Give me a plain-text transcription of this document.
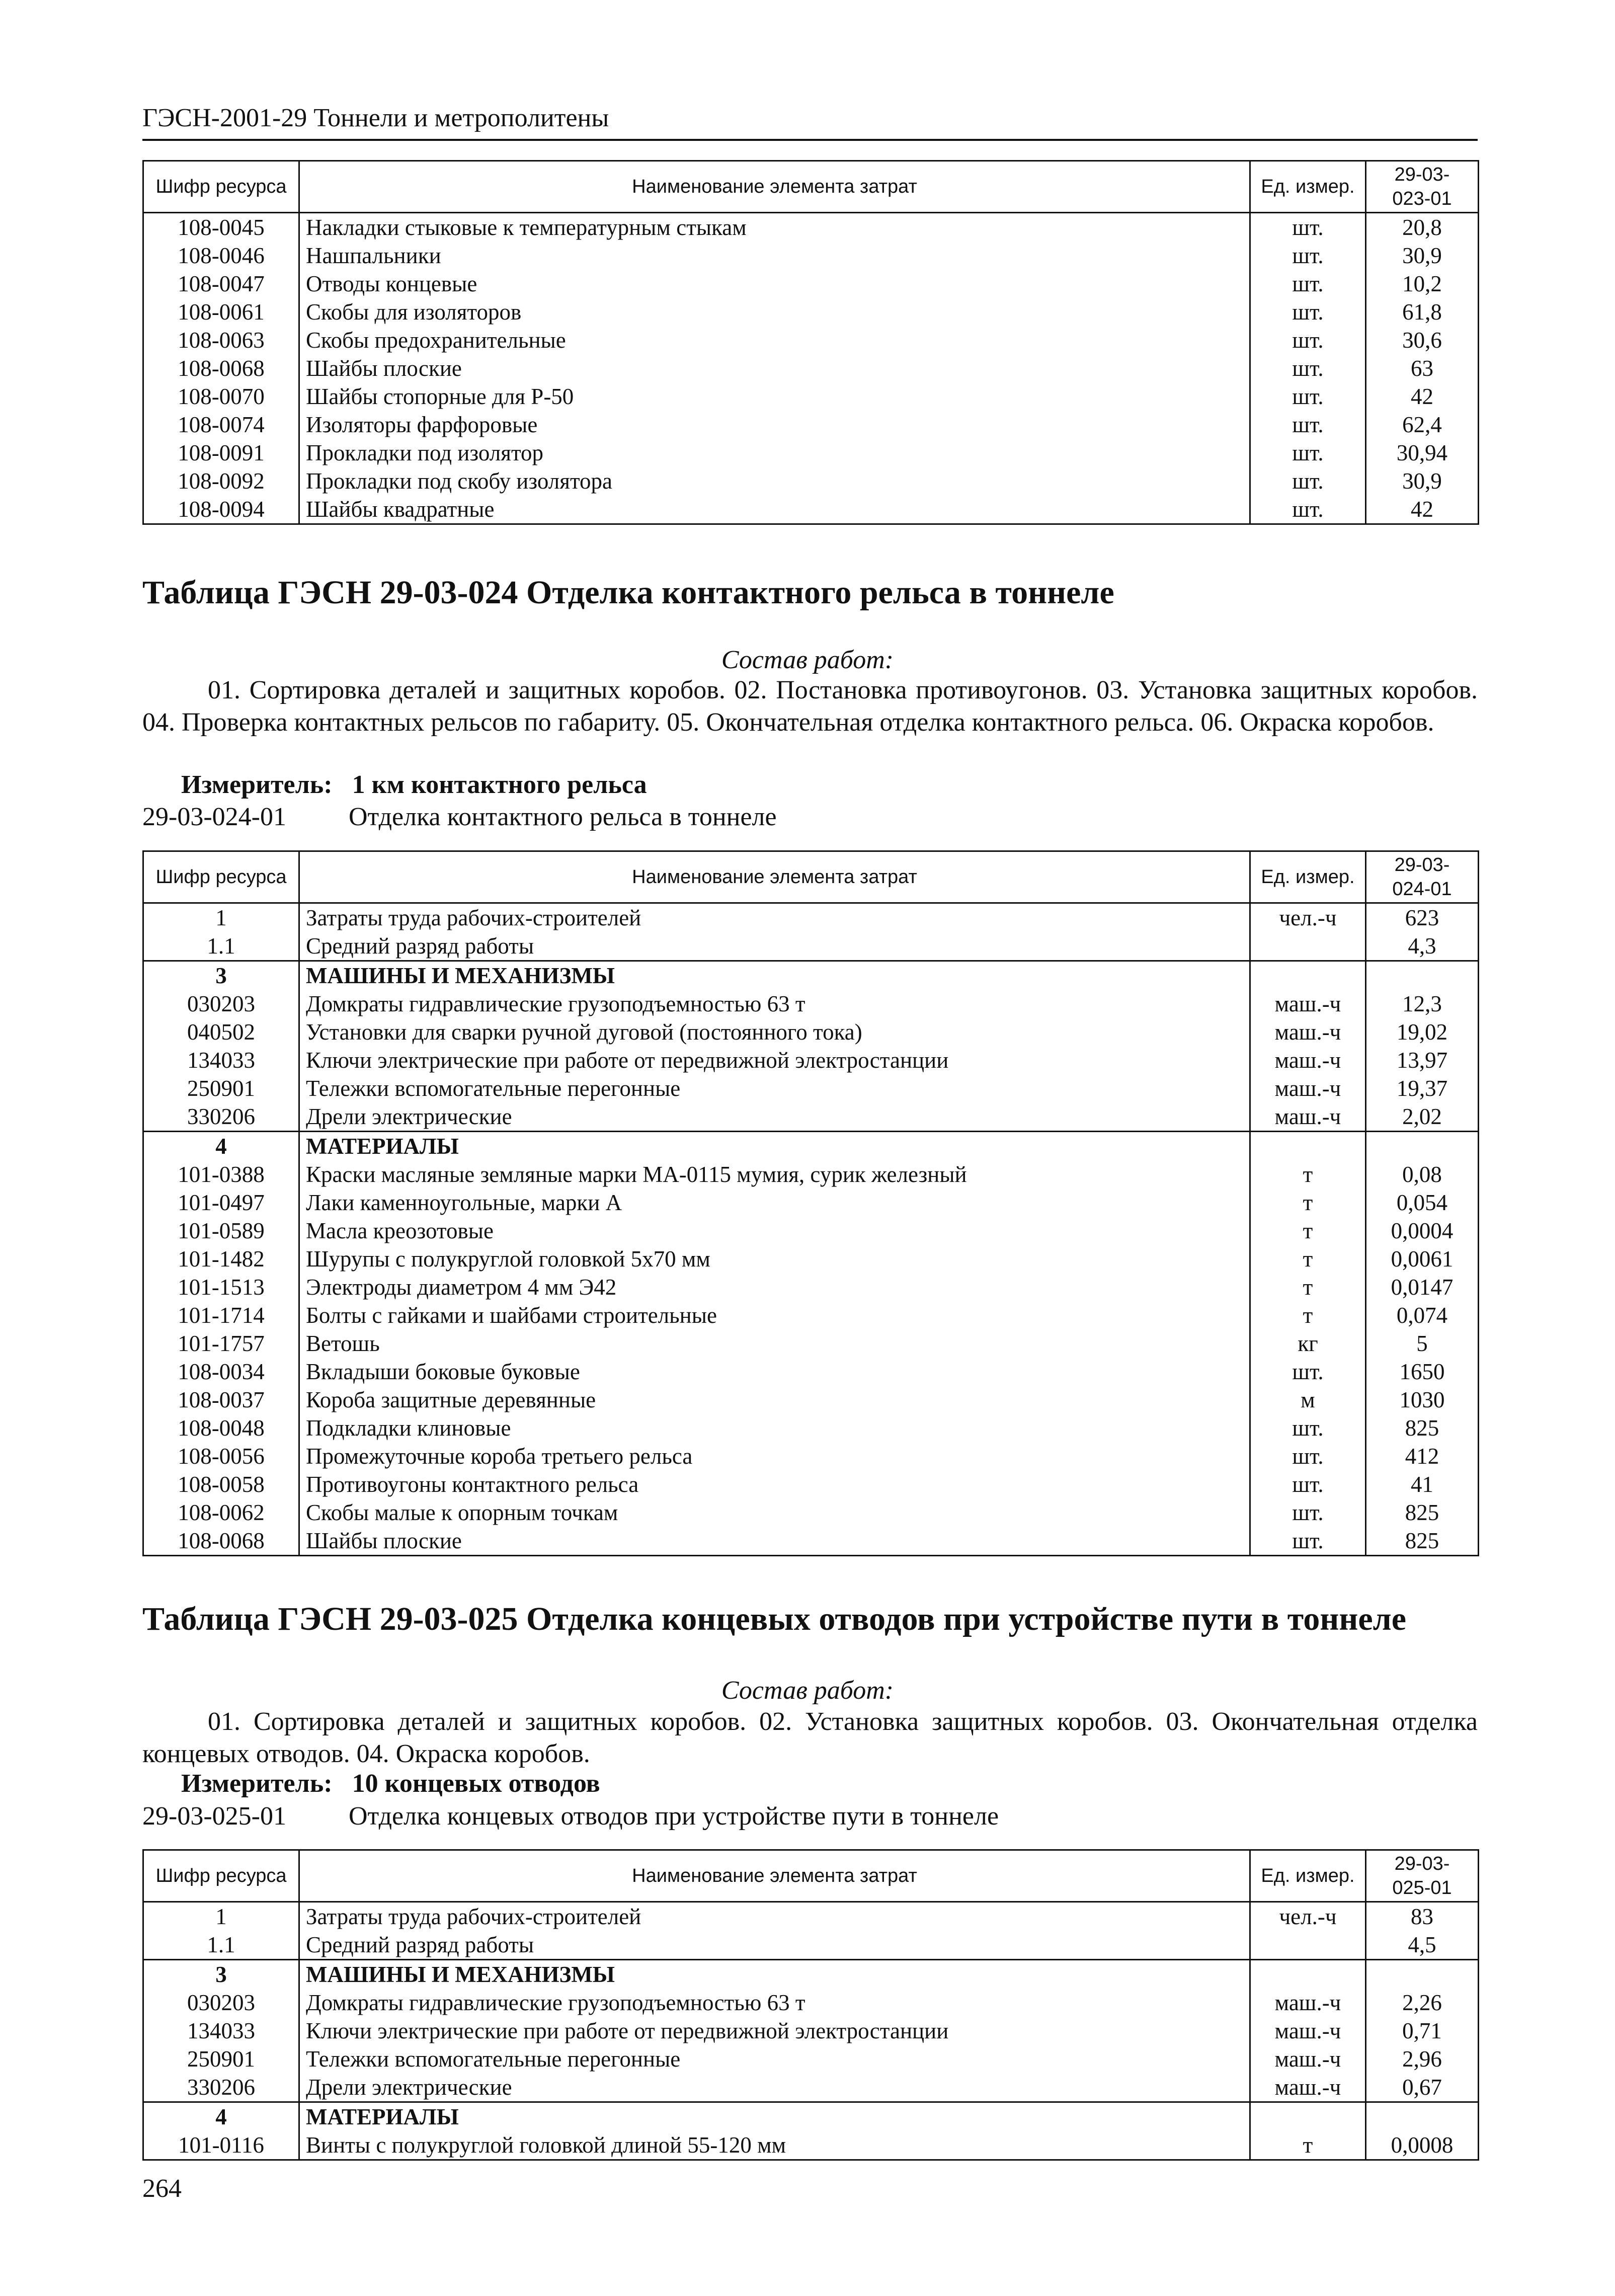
ГЭСН-2001-29 Тоннели и метрополитены
Шифр ресурса	Наименование элемента затрат	Ед. измер.	29-03-
023-01

108-0045	Накладки стыковые к температурным стыкам	шт.	20,8
108-0046	Нашпальники	шт.	30,9
108-0047	Отводы концевые	шт.	10,2
108-0061	Скобы для изоляторов	шт.	61,8
108-0063	Скобы предохранительные	шт.	30,6
108-0068	Шайбы плоские	шт.	63
108-0070	Шайбы стопорные для Р-50	шт.	42
108-0074	Изоляторы фарфоровые	шт.	62,4
108-0091	Прокладки под изолятор	шт.	30,94
108-0092	Прокладки под скобу изолятора	шт.	30,9
108-0094	Шайбы квадратные	шт.	42
Таблица ГЭСН 29-03-024 Отделка контактного рельса в тоннеле
Состав работ:
01. Сортировка деталей и защитных коробов. 02. Постановка противоугонов. 03. Установка защитных коробов. 04. Проверка контактных рельсов по габариту. 05. Окончательная отделка контактного рельса. 06. Окраска коробов.
Измеритель: 1 км контактного рельса
29-03-024-01 Отделка контактного рельса в тоннеле
Шифр ресурса	Наименование элемента затрат	Ед. измер.	29-03-
024-01

1	Затраты труда рабочих-строителей	чел.-ч	623
1.1	Средний разряд работы		4,3
3	МАШИНЫ И МЕХАНИЗМЫ		
030203	Домкраты гидравлические грузоподъемностью 63 т	маш.-ч	12,3
040502	Установки для сварки ручной дуговой (постоянного тока)	маш.-ч	19,02
134033	Ключи электрические при работе от передвижной электростанции	маш.-ч	13,97
250901	Тележки вспомогательные перегонные	маш.-ч	19,37
330206	Дрели электрические	маш.-ч	2,02
4	МАТЕРИАЛЫ		
101-0388	Краски масляные земляные марки МА-0115 мумия, сурик железный	т	0,08
101-0497	Лаки каменноугольные, марки А	т	0,054
101-0589	Масла креозотовые	т	0,0004
101-1482	Шурупы с полукруглой головкой 5х70 мм	т	0,0061
101-1513	Электроды диаметром 4 мм Э42	т	0,0147
101-1714	Болты с гайками и шайбами строительные	т	0,074
101-1757	Ветошь	кг	5
108-0034	Вкладыши боковые буковые	шт.	1650
108-0037	Короба защитные деревянные	м	1030
108-0048	Подкладки клиновые	шт.	825
108-0056	Промежуточные короба третьего рельса	шт.	412
108-0058	Противоугоны контактного рельса	шт.	41
108-0062	Скобы малые к опорным точкам	шт.	825
108-0068	Шайбы плоские	шт.	825
Таблица ГЭСН 29-03-025 Отделка концевых отводов при устройстве пути в тоннеле
Состав работ:
01. Сортировка деталей и защитных коробов. 02. Установка защитных коробов. 03. Окончательная отделка концевых отводов. 04. Окраска коробов.
Измеритель: 10 концевых отводов
29-03-025-01 Отделка концевых отводов при устройстве пути в тоннеле
Шифр ресурса	Наименование элемента затрат	Ед. измер.	29-03-
025-01

1	Затраты труда рабочих-строителей	чел.-ч	83
1.1	Средний разряд работы		4,5
3	МАШИНЫ И МЕХАНИЗМЫ		
030203	Домкраты гидравлические грузоподъемностью 63 т	маш.-ч	2,26
134033	Ключи электрические при работе от передвижной электростанции	маш.-ч	0,71
250901	Тележки вспомогательные перегонные	маш.-ч	2,96
330206	Дрели электрические	маш.-ч	0,67
4	МАТЕРИАЛЫ		
101-0116	Винты с полукруглой головкой длиной 55-120 мм	т	0,0008
264
